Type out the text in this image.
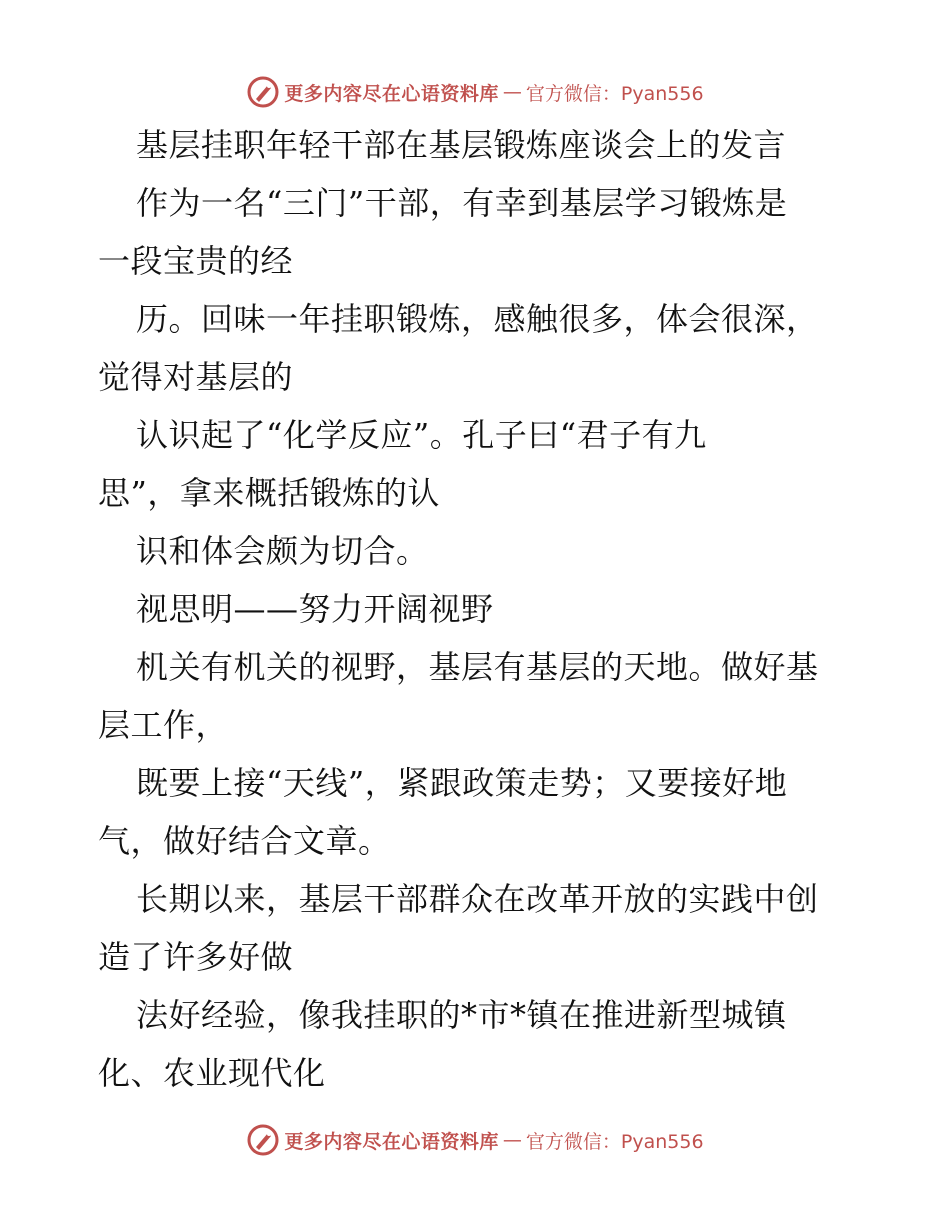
更多内容尽在心语资料库 — 官方微信：Pyan556
基层挂职年轻干部在基层锻炼座谈会上的发言
作为一名“三门”干部，有幸到基层学习锻炼是
一段宝贵的经
历。回味一年挂职锻炼，感触很多，体会很深，
觉得对基层的
认识起了“化学反应”。孔子曰“君子有九
思”，拿来概括锻炼的认
识和体会颇为切合。
视思明——努力开阔视野
机关有机关的视野，基层有基层的天地。做好基
层工作，
既要上接“天线”，紧跟政策走势；又要接好地
气，做好结合文章。
长期以来，基层干部群众在改革开放的实践中创
造了许多好做
法好经验，像我挂职的*市*镇在推进新型城镇
化、农业现代化
更多内容尽在心语资料库 — 官方微信：Pyan556
